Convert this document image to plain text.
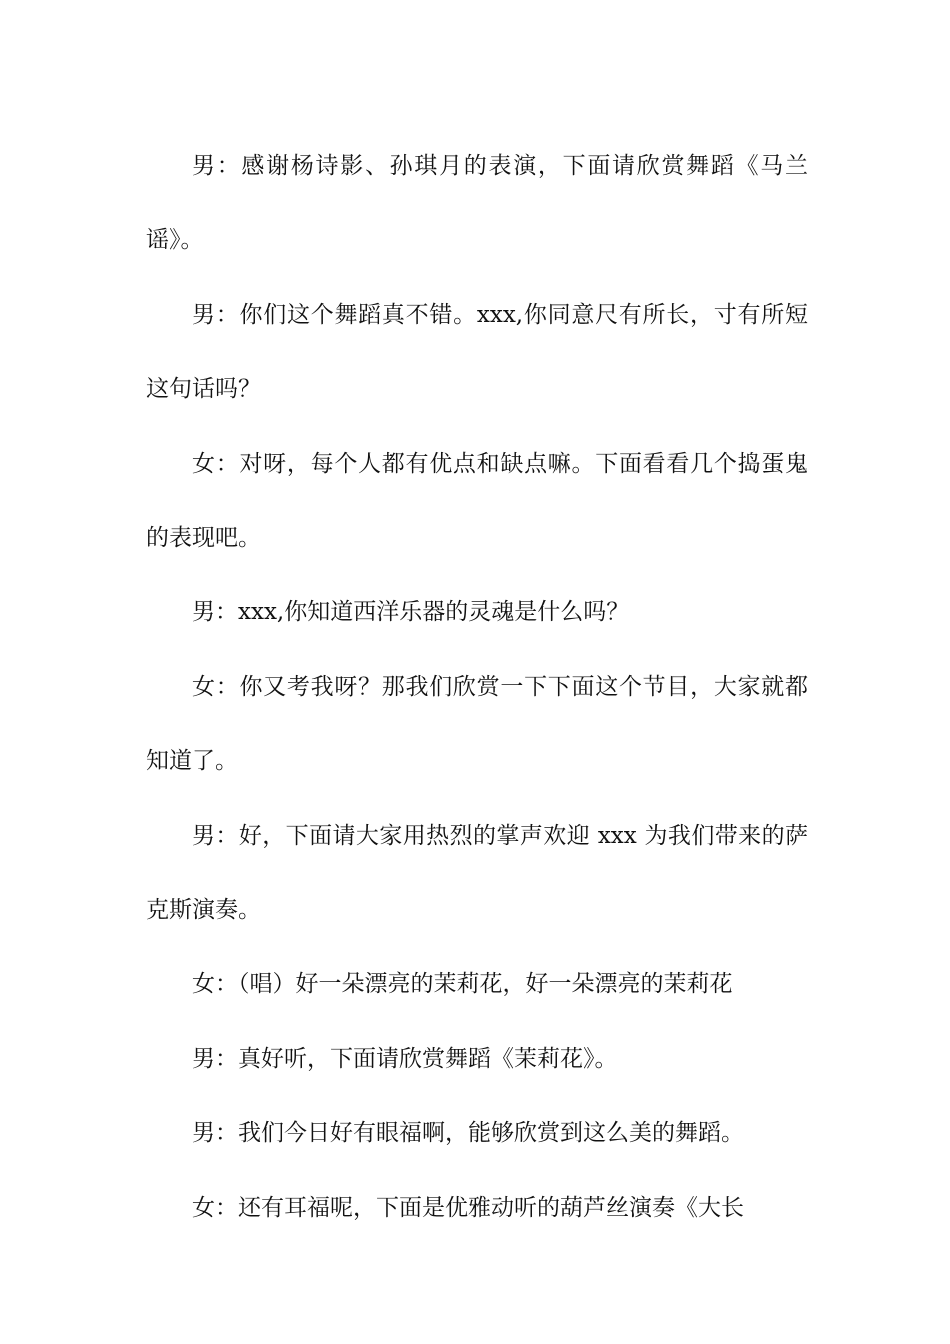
男：感谢杨诗影、孙琪月的表演，下面请欣赏舞蹈《马兰谣》。

男：你们这个舞蹈真不错。xxx,你同意尺有所长，寸有所短这句话吗？

女：对呀，每个人都有优点和缺点嘛。下面看看几个捣蛋鬼的表现吧。

男：xxx,你知道西洋乐器的灵魂是什么吗？

女：你又考我呀？那我们欣赏一下下面这个节目，大家就都知道了。

男：好，下面请大家用热烈的掌声欢迎 xxx 为我们带来的萨克斯演奏。

女：（唱）好一朵漂亮的茉莉花，好一朵漂亮的茉莉花

男：真好听，下面请欣赏舞蹈《茉莉花》。

男：我们今日好有眼福啊，能够欣赏到这么美的舞蹈。

女：还有耳福呢，下面是优雅动听的葫芦丝演奏《大长
